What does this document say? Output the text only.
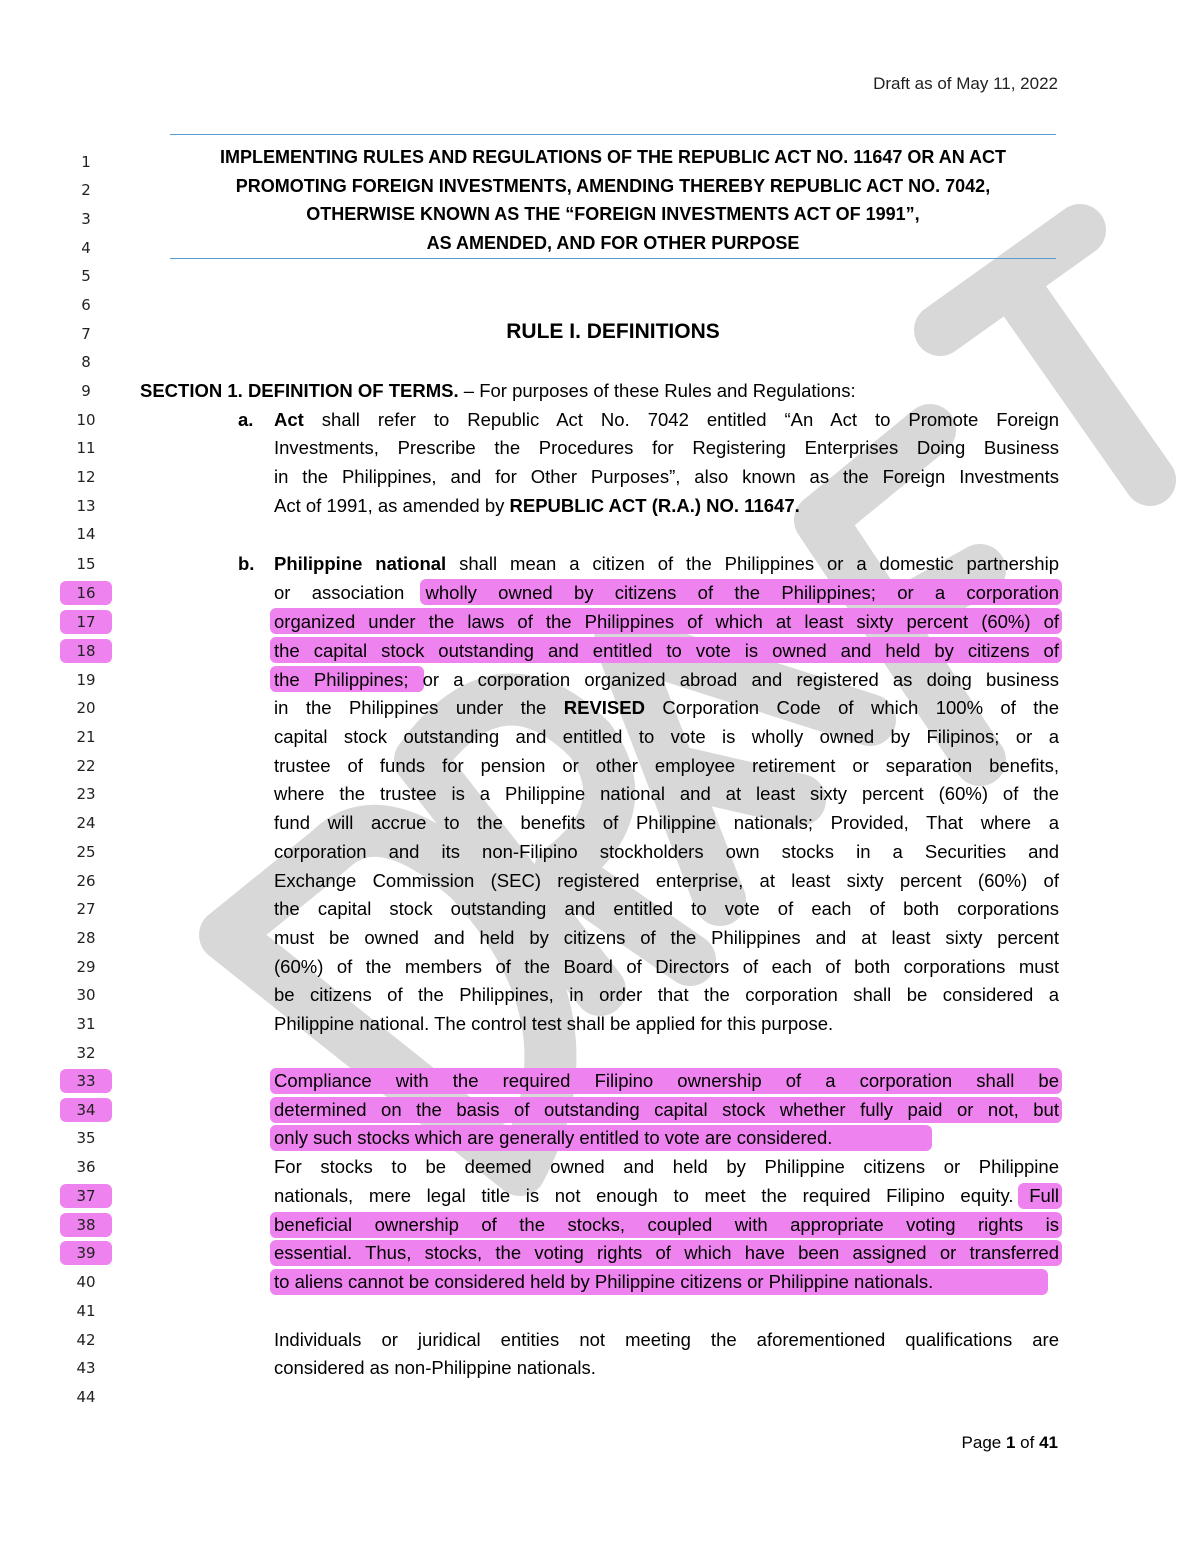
Draft as of May 11, 2022
1
2
3
4
5
6
7
8
9
10
11
12
13
14
15
16
17
18
19
20
21
22
23
24
25
26
27
28
29
30
31
32
33
34
35
36
37
38
39
40
41
42
43
44
IMPLEMENTING RULES AND REGULATIONS OF THE REPUBLIC ACT NO. 11647 OR AN ACT
PROMOTING FOREIGN INVESTMENTS, AMENDING THEREBY REPUBLIC ACT NO. 7042,
OTHERWISE KNOWN AS THE “FOREIGN INVESTMENTS ACT OF 1991”,
AS AMENDED, AND FOR OTHER PURPOSE
RULE I. DEFINITIONS
SECTION 1. DEFINITION OF TERMS. – For purposes of these Rules and Regulations:
a.	Act shall refer to Republic Act No. 7042 entitled “An Act to Promote Foreign
Investments, Prescribe the Procedures for Registering Enterprises Doing Business
in the Philippines, and for Other Purposes”, also known as the Foreign Investments
Act of 1991, as amended by REPUBLIC ACT (R.A.) NO. 11647.
b.	Philippine national shall mean a citizen of the Philippines or a domestic partnership
or association wholly owned by citizens of the Philippines; or a corporation
organized under the laws of the Philippines of which at least sixty percent (60%) of
the capital stock outstanding and entitled to vote is owned and held by citizens of
the Philippines; or a corporation organized abroad and registered as doing business
in the Philippines under the REVISED Corporation Code of which 100% of the
capital stock outstanding and entitled to vote is wholly owned by Filipinos; or a
trustee of funds for pension or other employee retirement or separation benefits,
where the trustee is a Philippine national and at least sixty percent (60%) of the
fund will accrue to the benefits of Philippine nationals; Provided, That where a
corporation and its non-Filipino stockholders own stocks in a Securities and
Exchange Commission (SEC) registered enterprise, at least sixty percent (60%) of
the capital stock outstanding and entitled to vote of each of both corporations
must be owned and held by citizens of the Philippines and at least sixty percent
(60%) of the members of the Board of Directors of each of both corporations must
be citizens of the Philippines, in order that the corporation shall be considered a
Philippine national. The control test shall be applied for this purpose.
Compliance with the required Filipino ownership of a corporation shall be
determined on the basis of outstanding capital stock whether fully paid or not, but
only such stocks which are generally entitled to vote are considered.
For stocks to be deemed owned and held by Philippine citizens or Philippine
nationals, mere legal title is not enough to meet the required Filipino equity. Full
beneficial ownership of the stocks, coupled with appropriate voting rights is
essential. Thus, stocks, the voting rights of which have been assigned or transferred
to aliens cannot be considered held by Philippine citizens or Philippine nationals.
Individuals or juridical entities not meeting the aforementioned qualifications are
considered as non-Philippine nationals.
Page 1 of 41
